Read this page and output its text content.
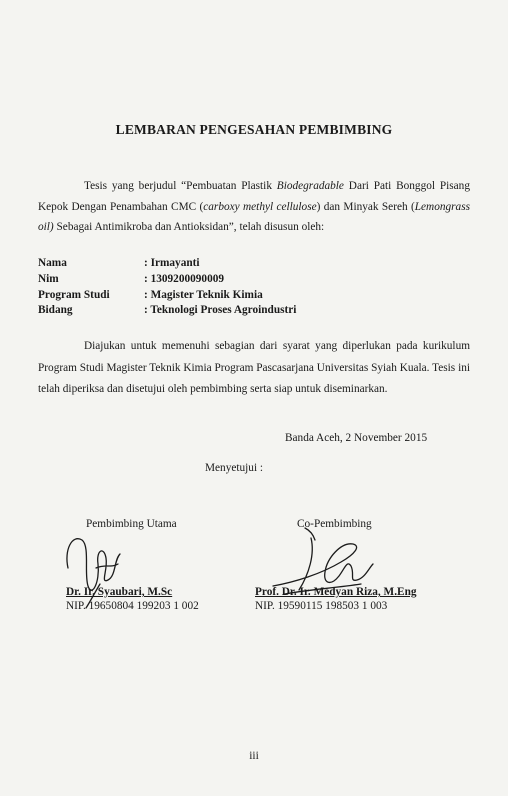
LEMBARAN PENGESAHAN PEMBIMBING
Tesis yang berjudul “Pembuatan Plastik Biodegradable Dari Pati Bonggol Pisang Kepok Dengan Penambahan CMC (carboxy methyl cellulose) dan Minyak Sereh (Lemongrass oil) Sebagai Antimikroba dan Antioksidan”, telah disusun oleh:
Nama	: Irmayanti
Nim	: 1309200090009
Program Studi	: Magister Teknik Kimia
Bidang	: Teknologi Proses Agroindustri
Diajukan untuk memenuhi sebagian dari syarat yang diperlukan pada kurikulum Program Studi Magister Teknik Kimia Program Pascasarjana Universitas Syiah Kuala. Tesis ini telah diperiksa dan disetujui oleh pembimbing serta siap untuk diseminarkan.
Banda Aceh, 2 November 2015
Menyetujui :
Pembimbing Utama
Dr. Ir. Syaubari, M.Sc
NIP. 19650804 199203 1 002
Co-Pembimbing
Prof. Dr. Ir. Medyan Riza, M.Eng
NIP. 19590115 198503 1 003
iii
